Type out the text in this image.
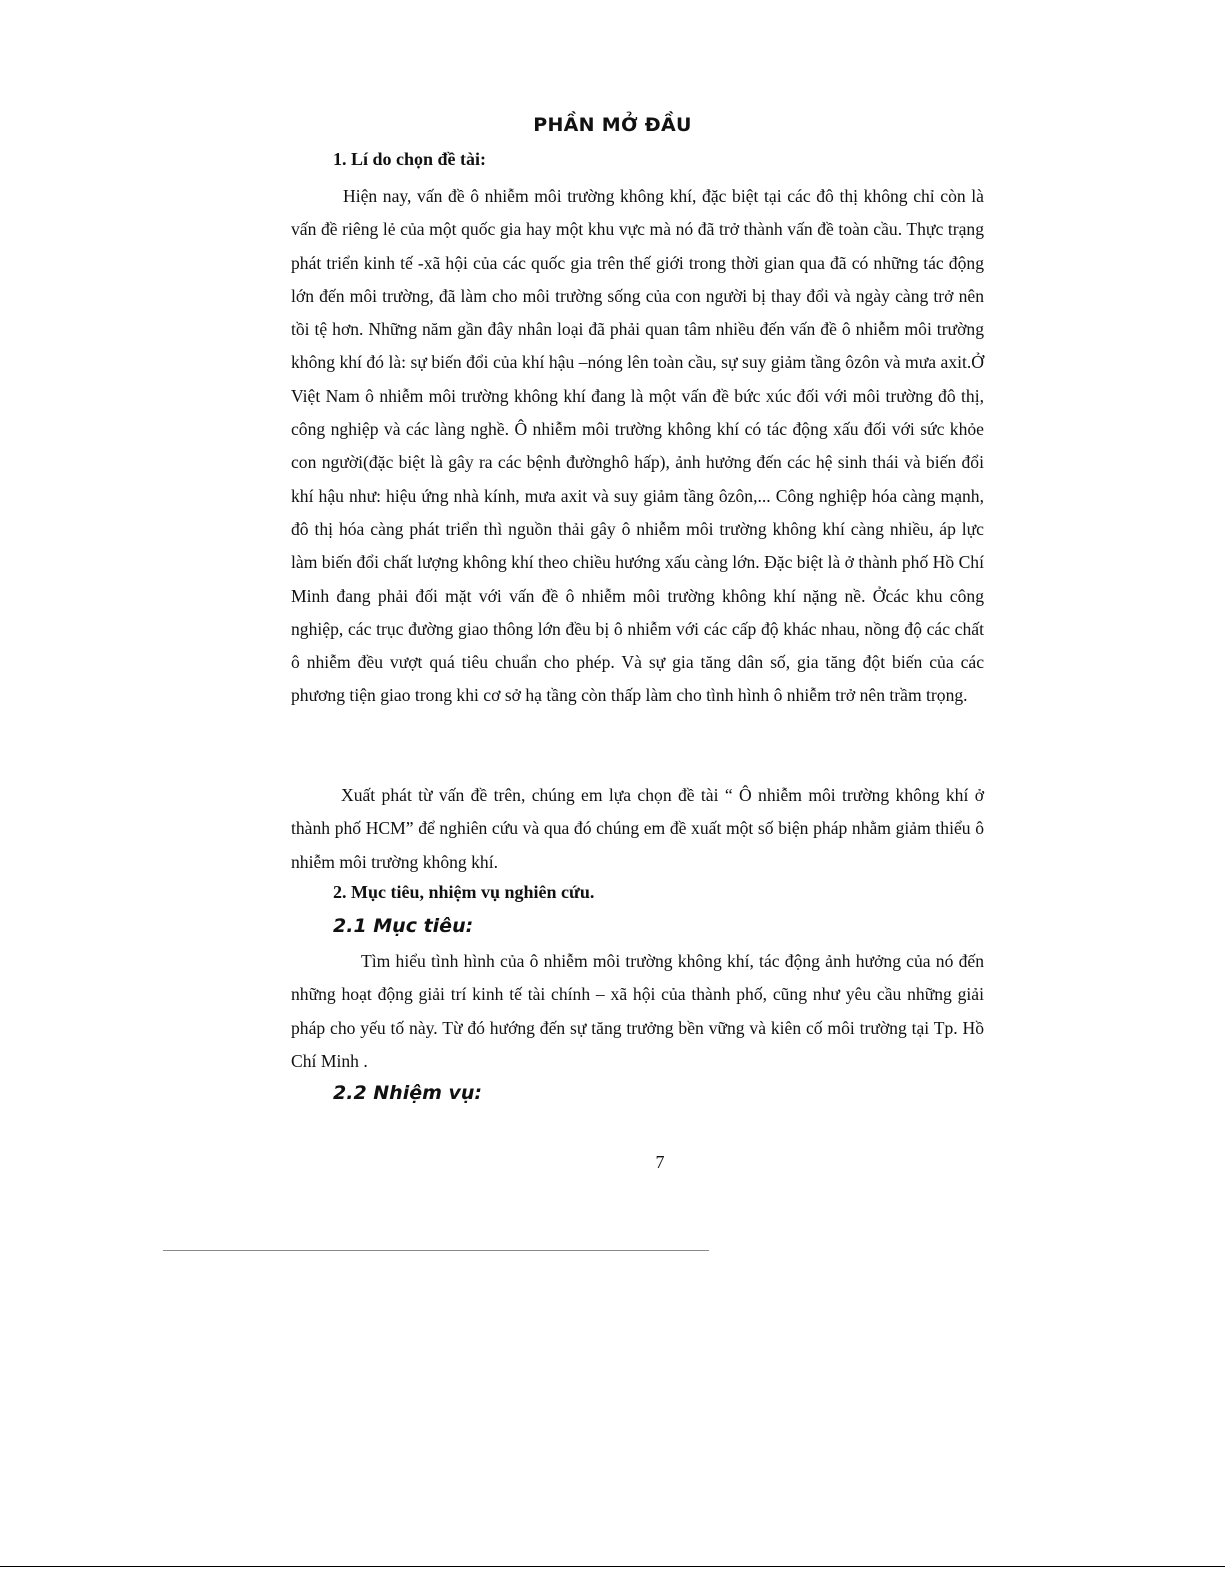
PHẦN MỞ ĐẦU
1. Lí do chọn đề tài:

Hiện nay, vấn đề ô nhiễm môi trường không khí, đặc biệt tại các đô thị không chỉ còn là vấn đề riêng lẻ của một quốc gia hay một khu vực mà nó đã trở thành vấn đề toàn cầu. Thực trạng phát triển kinh tế -xã hội của các quốc gia trên thế giới trong thời gian qua đã có những tác động lớn đến môi trường, đã làm cho môi trường sống của con người bị thay đổi và ngày càng trở nên tồi tệ hơn. Những năm gần đây nhân loại đã phải quan tâm nhiều đến vấn đề ô nhiễm môi trường không khí đó là: sự biến đổi của khí hậu –nóng lên toàn cầu, sự suy giảm tầng ôzôn và mưa axit.Ở Việt Nam ô nhiễm môi trường không khí đang là một vấn đề bức xúc đối với môi trường đô thị, công nghiệp và các làng nghề. Ô nhiễm môi trường không khí có tác động xấu đối với sức khỏe con người(đặc biệt là gây ra các bệnh đườnghô hấp), ảnh hưởng đến các hệ sinh thái và biến đổi khí hậu như: hiệu ứng nhà kính, mưa axit và suy giảm tầng ôzôn,... Công nghiệp hóa càng mạnh, đô thị hóa càng phát triển thì nguồn thải gây ô nhiễm môi trường không khí càng nhiều, áp lực làm biến đổi chất lượng không khí theo chiều hướng xấu càng lớn. Đặc biệt là ở thành phố Hồ Chí Minh đang phải đối mặt với vấn đề ô nhiễm môi trường không khí nặng nề. Ởcác khu công nghiệp, các trục đường giao thông lớn đều bị ô nhiễm với các cấp độ khác nhau, nồng độ các chất ô nhiễm đều vượt quá tiêu chuẩn cho phép. Và sự gia tăng dân số, gia tăng đột biến của các phương tiện giao trong khi cơ sở hạ tầng còn thấp làm cho tình hình ô nhiễm trở nên trầm trọng.

Xuất phát từ vấn đề trên, chúng em lựa chọn đề tài “ Ô nhiễm môi trường không khí ở thành phố HCM” để nghiên cứu và qua đó chúng em đề xuất một số biện pháp nhằm giảm thiểu ô nhiễm môi trường không khí.

2. Mục tiêu, nhiệm vụ nghiên cứu.
2.1 Mục tiêu:

Tìm hiểu tình hình của ô nhiễm môi trường không khí, tác động ảnh hưởng của nó đến những hoạt động giải trí kinh tế tài chính – xã hội của thành phố, cũng như yêu cầu những giải pháp cho yếu tố này. Từ đó hướng đến sự tăng trưởng bền vững và kiên cố môi trường tại Tp. Hồ Chí Minh .

2.2 Nhiệm vụ:
7
